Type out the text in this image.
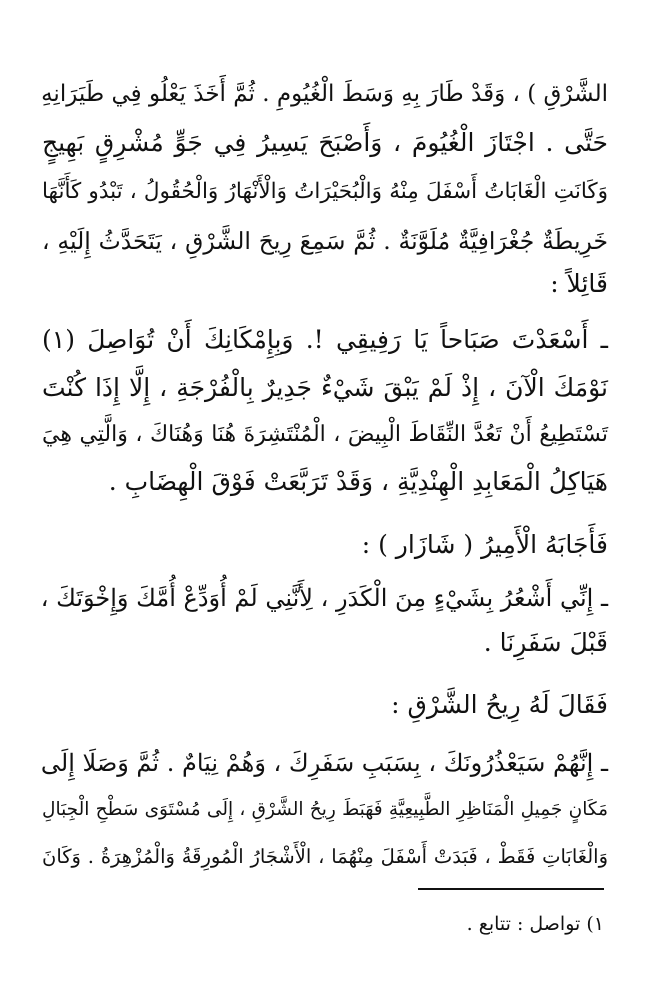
الشَّرْقِ ) ، وَقَدْ طَارَ بِهِ وَسَطَ الْغُيُومِ . ثُمَّ أَخَذَ يَعْلُو فِي طَيَرَانِهِ
حَتَّى . اجْتَازَ الْغُيُومَ ، وَأَصْبَحَ يَسِيرُ فِي جَوٍّ مُشْرِقٍ بَهِيجٍ
وَكَانَتِ الْغَابَاتُ أَسْفَلَ مِنْهُ وَالْبُحَيْرَاتُ وَالْأَنْهَارُ وَالْحُقُولُ ، تَبْدُو كَأَنَّهَا
خَرِيطَةٌ جُغْرَافِيَّةٌ مُلَوَّنَةٌ . ثُمَّ سَمِعَ رِيحَ الشَّرْقِ ، يَتَحَدَّثُ إِلَيْهِ ،
قَائِلاً :
ـ أَسْعَدْتَ صَبَاحاً يَا رَفِيقِي !. وَبِإِمْكَانِكَ أَنْ تُوَاصِلَ (١)
نَوْمَكَ الْآنَ ، إِذْ لَمْ يَبْقَ شَيْءٌ جَدِيرٌ بِالْفُرْجَةِ ، إِلَّا إِذَا كُنْتَ
تَسْتَطِيعُ أَنْ تَعُدَّ النِّقَاطَ الْبِيضَ ، الْمُنْتَشِرَةَ هُنَا وَهُنَاكَ ، وَالَّتِي هِيَ
هَيَاكِلُ الْمَعَابِدِ الْهِنْدِيَّةِ ، وَقَدْ تَرَبَّعَتْ فَوْقَ الْهِضَابِ .
فَأَجَابَهُ الْأَمِيرُ ( شَازَار ) :
ـ إِنِّي أَشْعُرُ بِشَيْءٍ مِنَ الْكَدَرِ ، لِأَنَّنِي لَمْ أُوَدِّعْ أُمَّكَ وَإِخْوَتَكَ ،
قَبْلَ سَفَرِنَا .
فَقَالَ لَهُ رِيحُ الشَّرْقِ :
ـ إِنَّهُمْ سَيَعْذُرُونَكَ ، بِسَبَبِ سَفَرِكَ ، وَهُمْ نِيَامٌ . ثُمَّ وَصَلَا إِلَى
مَكَانٍ جَمِيلِ الْمَنَاظِرِ الطَّبِيعِيَّةِ فَهَبَطَ رِيحُ الشَّرْقِ ، إِلَى مُسْتَوَى سَطْحِ الْجِبَالِ
وَالْغَابَاتِ فَقَطْ ، فَبَدَتْ أَسْفَلَ مِنْهُمَا ، الْأَشْجَارُ الْمُورِقَةُ وَالْمُزْهِرَةُ . وَكَانَ
١) تواصل : تتابع .
